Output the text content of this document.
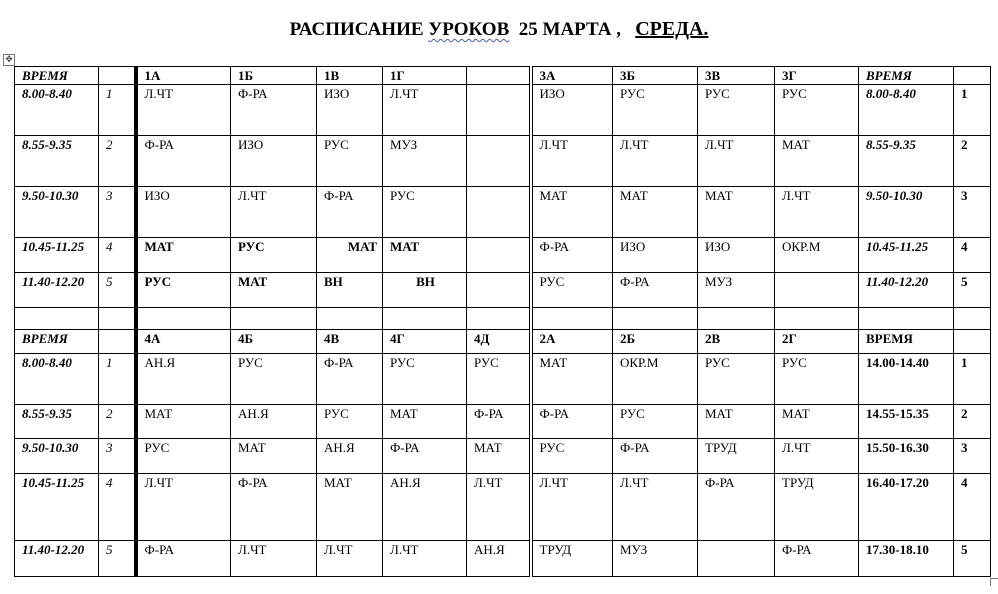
РАСПИСАНИЕ УРОКОВ 25 МАРТА , СРЕДА.
✥
ВРЕМЯ		1А	1Б	1В	1Г		3А	3Б	3В	3Г	ВРЕМЯ	
8.00-8.40	1	Л.ЧТ	Ф-РА	ИЗО	Л.ЧТ		ИЗО	РУС	РУС	РУС	8.00-8.40	1
8.55-9.35	2	Ф-РА	ИЗО	РУС	МУЗ		Л.ЧТ	Л.ЧТ	Л.ЧТ	МАТ	8.55-9.35	2
9.50-10.30	3	ИЗО	Л.ЧТ	Ф-РА	РУС		МАТ	МАТ	МАТ	Л.ЧТ	9.50-10.30	3
10.45-11.25	4	МАТ	РУС	МАТ	МАТ		Ф-РА	ИЗО	ИЗО	ОКР.М	10.45-11.25	4
11.40-12.20	5	РУС	МАТ	ВН	ВН		РУС	Ф-РА	МУЗ		11.40-12.20	5

ВРЕМЯ		4А	4Б	4В	4Г	4Д	2А	2Б	2В	2Г	ВРЕМЯ	
8.00-8.40	1	АН.Я	РУС	Ф-РА	РУС	РУС	МАТ	ОКР.М	РУС	РУС	14.00-14.40	1
8.55-9.35	2	МАТ	АН.Я	РУС	МАТ	Ф-РА	Ф-РА	РУС	МАТ	МАТ	14.55-15.35	2
9.50-10.30	3	РУС	МАТ	АН.Я	Ф-РА	МАТ	РУС	Ф-РА	ТРУД	Л.ЧТ	15.50-16.30	3
10.45-11.25	4	Л.ЧТ	Ф-РА	МАТ	АН.Я	Л.ЧТ	Л.ЧТ	Л.ЧТ	Ф-РА	ТРУД	16.40-17.20	4
11.40-12.20	5	Ф-РА	Л.ЧТ	Л.ЧТ	Л.ЧТ	АН.Я	ТРУД	МУЗ		Ф-РА	17.30-18.10	5
